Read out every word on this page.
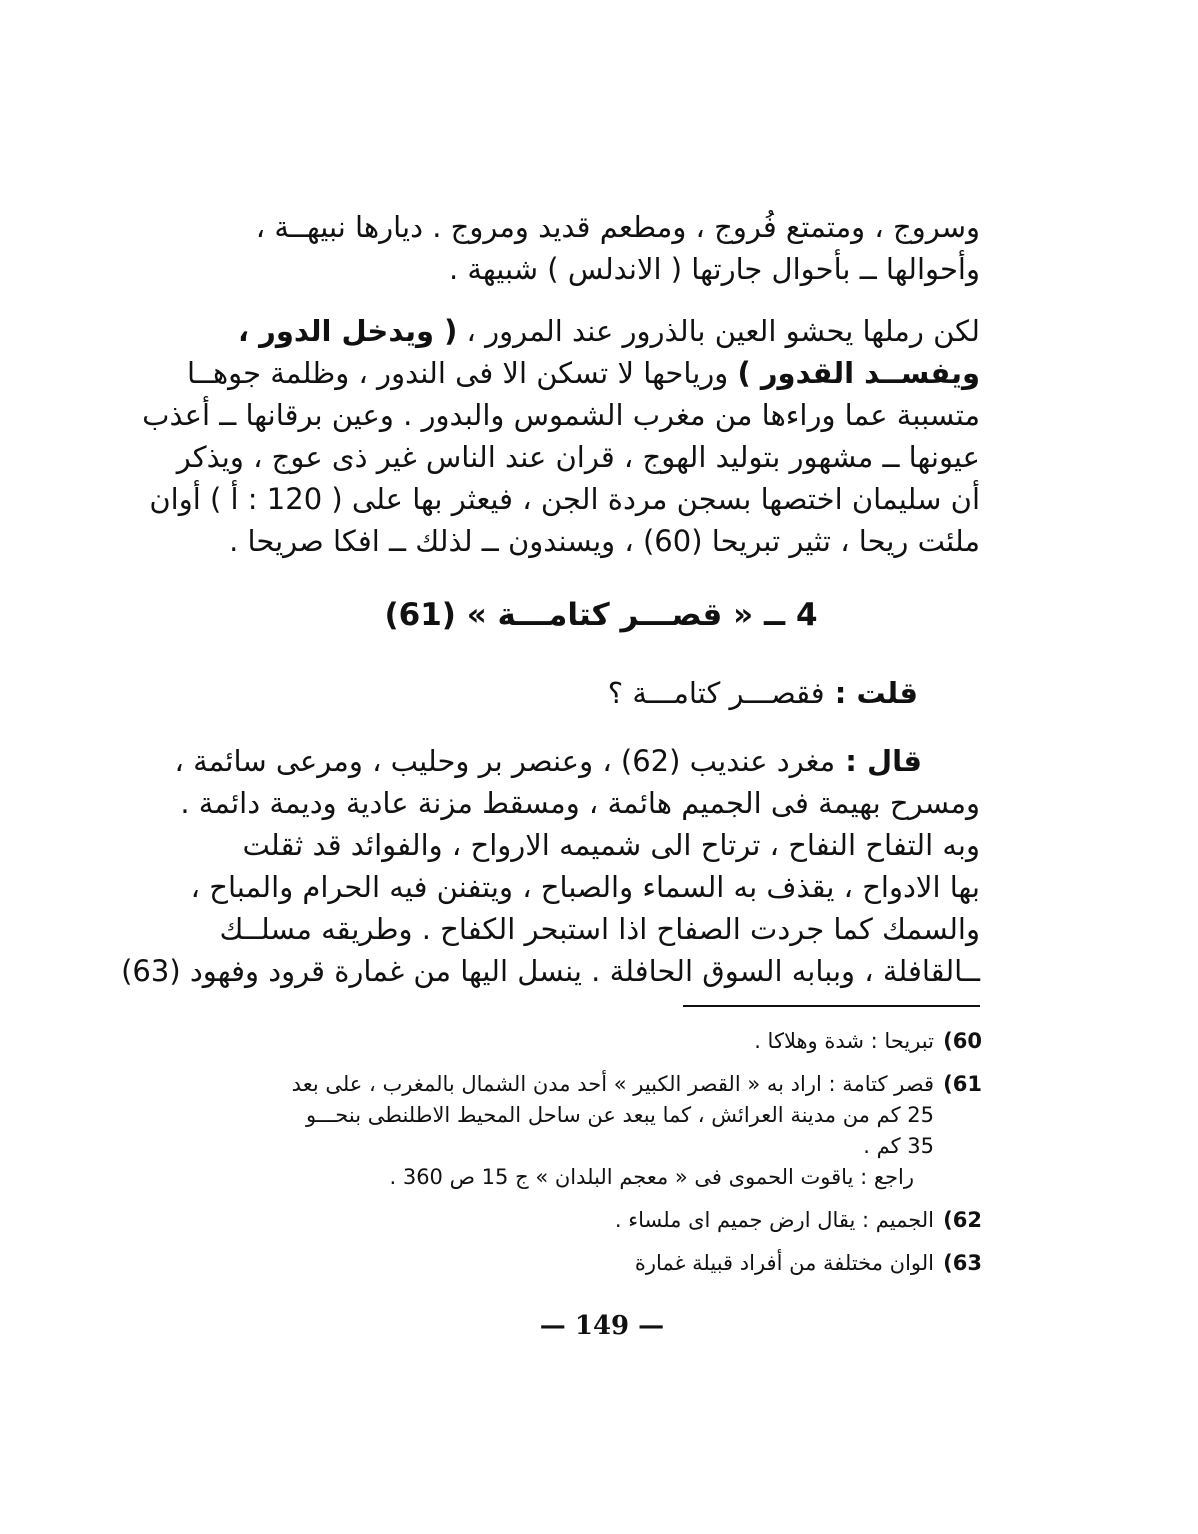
وسروج ، ومتمتع فُروج ، ومطعم قديد ومروج . ديارها نبيهــة ،
وأحوالها ــ بأحوال جارتها ( الاندلس ) شبيهة .
لكن رملها يحشو العين بالذرور عند المرور ، ( ويدخل الدور ،
ويفســد القدور ) ورياحها لا تسكن الا فى الندور ، وظلمة جوهــا
متسببة عما وراءها من مغرب الشموس والبدور . وعين برقانها ــ أعذب
عيونها ــ مشهور بتوليد الهوج ، قران عند الناس غير ذى عوج ، ويذكر
أن سليمان اختصها بسجن مردة الجن ، فيعثر بها على ( 120 : أ ) أوان
ملئت ريحا ، تثير تبريحا (60) ، ويسندون ــ لذلك ــ افكا صريحا .
4 ــ « قصـــر كتامـــة » (61)
قلت : فقصـــر كتامـــة ؟
  قال : مغرد عنديب (62) ، وعنصر بر وحليب ، ومرعى سائمة ،
ومسرح بهيمة فى الجميم هائمة ، ومسقط مزنة عادية وديمة دائمة .
وبه التفاح النفاح ، ترتاح الى شميمه الارواح ، والفوائد قد ثقلت
بها الادواح ، يقذف به السماء والصباح ، ويتفنن فيه الحرام والمباح ،
والسمك كما جردت الصفاح اذا استبحر الكفاح . وطريقه مسلــك
ــالقافلة ، وببابه السوق الحافلة . ينسل اليها من غمارة قرود وفهود (63)
60)
تبريحا : شدة وهلاكا .
61)
قصر كتامة : اراد به « القصر الكبير » أحد مدن الشمال بالمغرب ، على بعد
25 كم من مدينة العرائش ، كما يبعد عن ساحل المحيط الاطلنطى بنحـــو
35 كم .
راجع : ياقوت الحموى فى « معجم البلدان » ج 15 ص 360 .
62)
الجميم : يقال ارض جميم اى ملساء .
63)
الوان مختلفة من أفراد قبيلة غمارة
— 149 —
